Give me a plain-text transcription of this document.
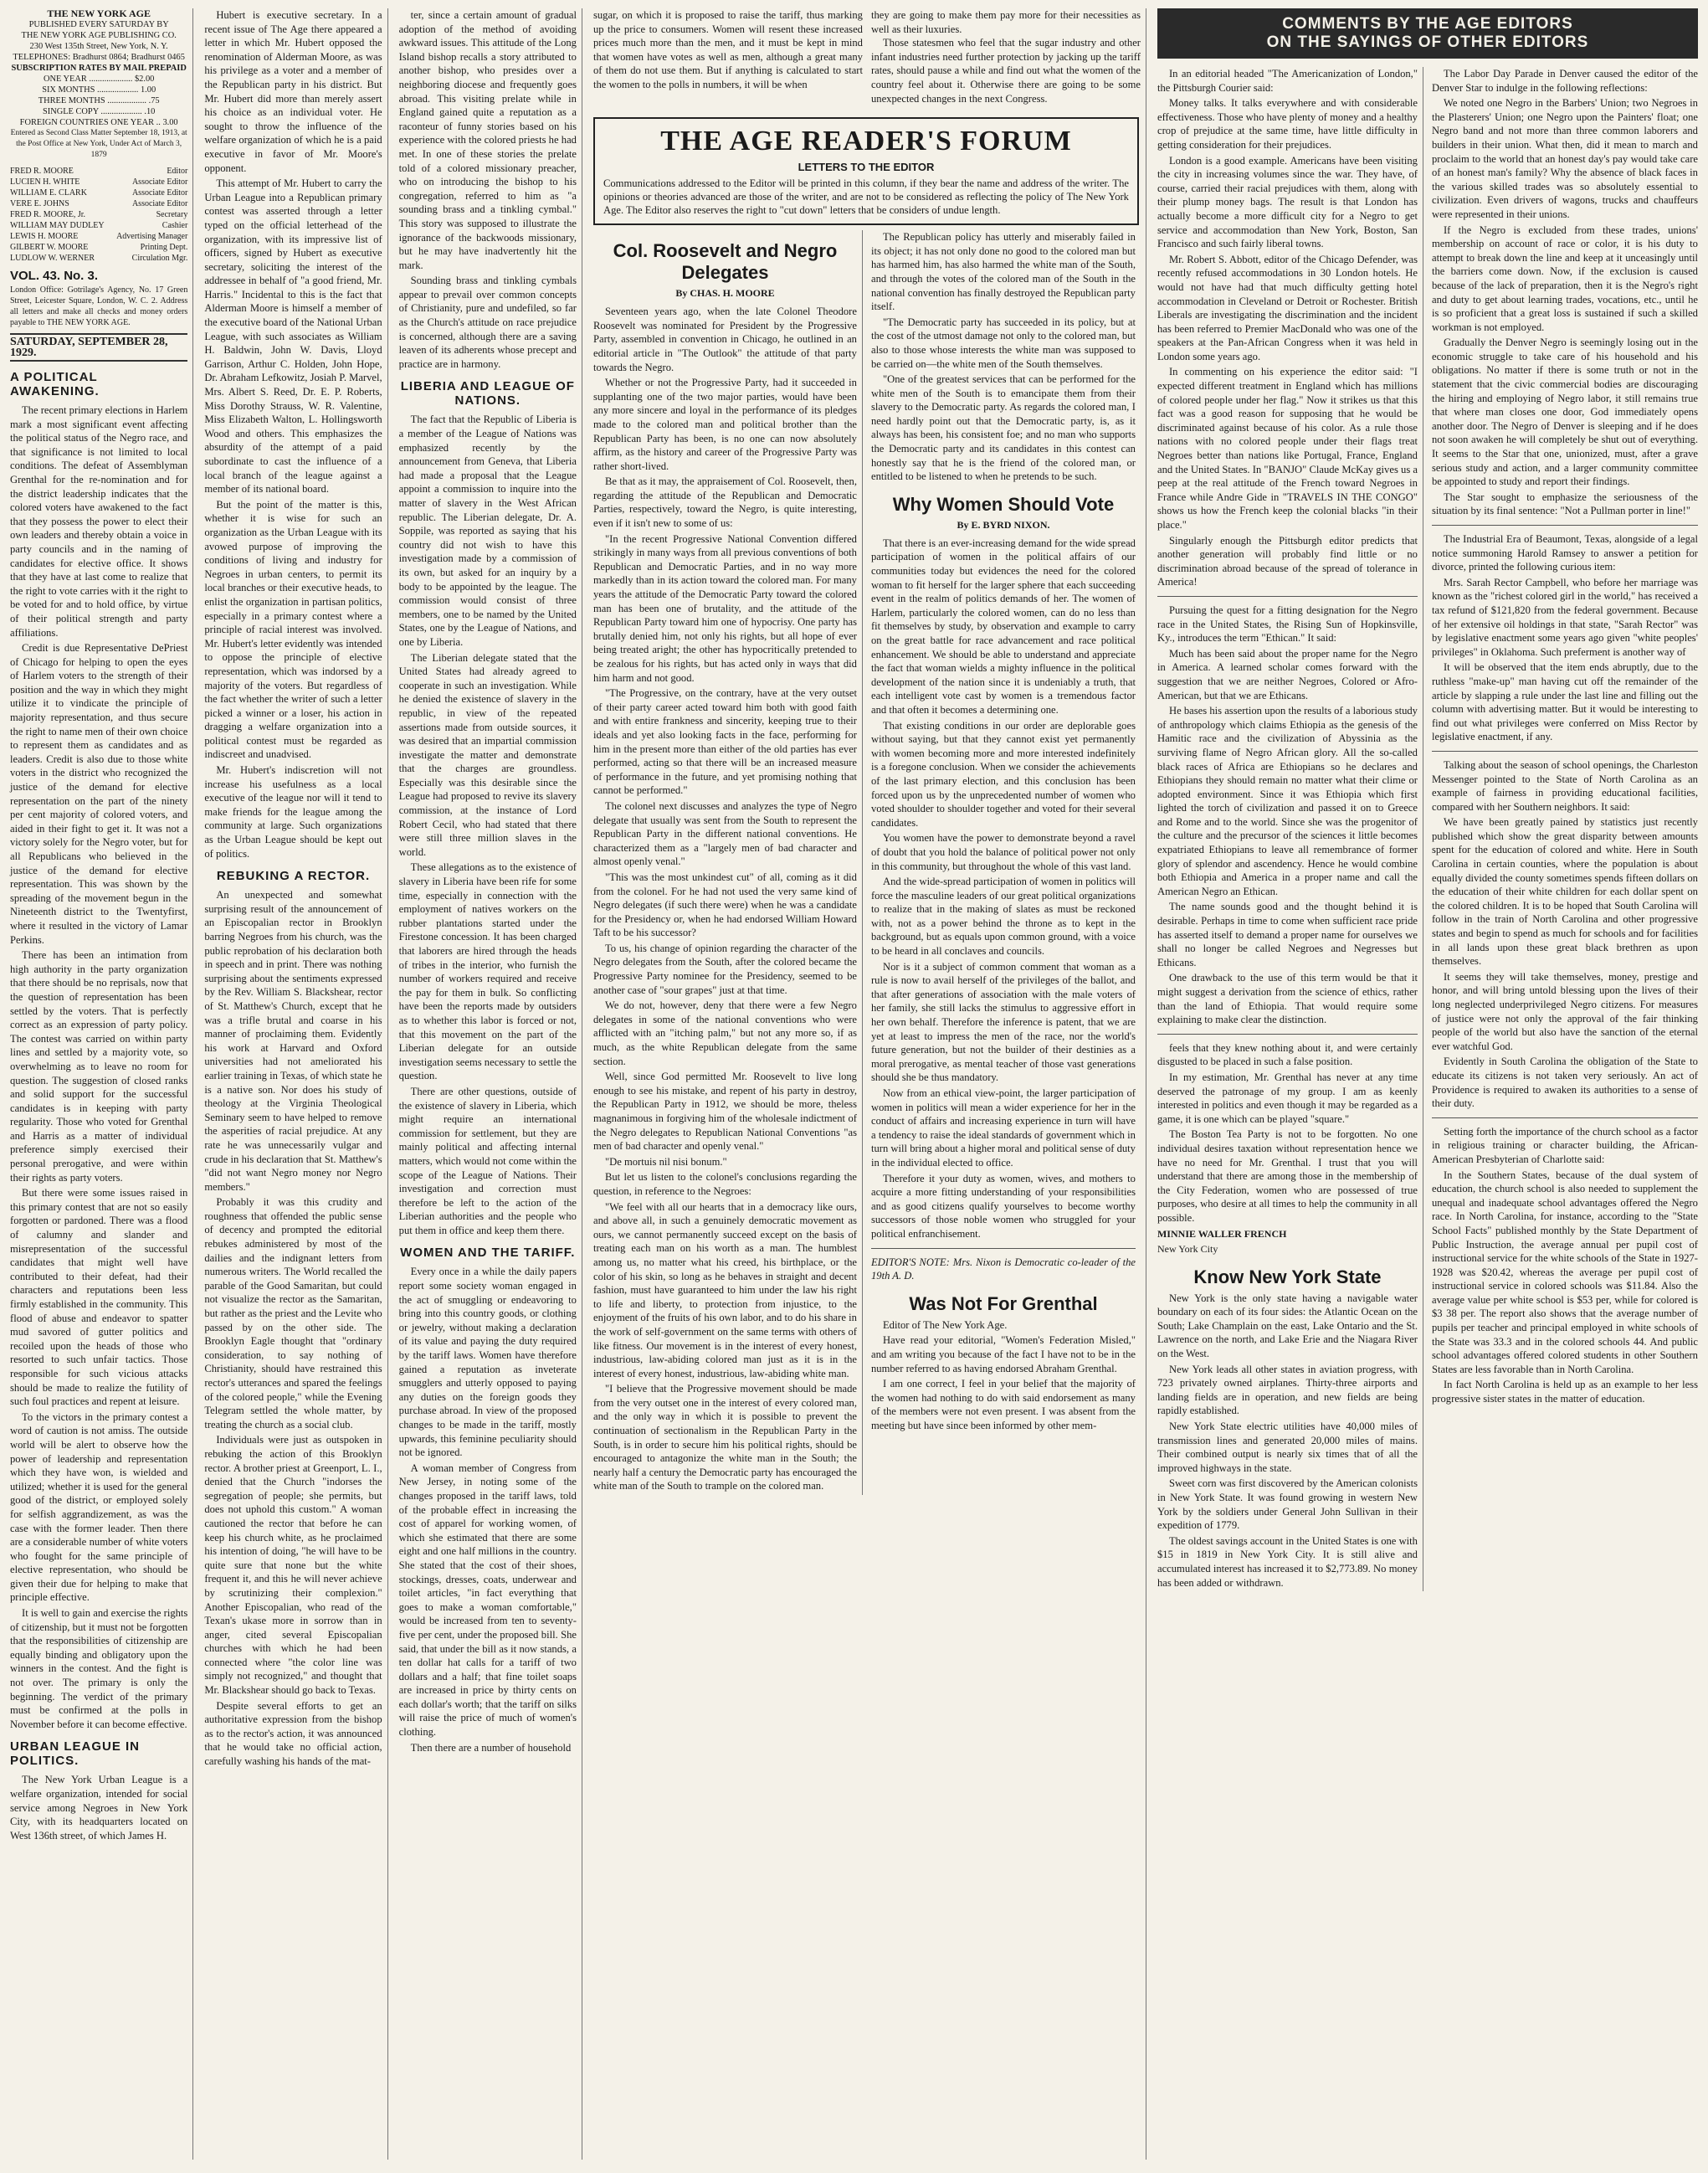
THE NEW YORK AGE
PUBLISHED EVERY SATURDAY BY
THE NEW YORK AGE PUBLISHING CO.
230 West 135th Street, New York, N. Y.
TELEPHONES: Bradhurst 0864; Bradhurst 0465
SUBSCRIPTION RATES BY MAIL PREPAID
ONE YEAR .................... $2.00
SIX MONTHS ................... 1.00
THREE MONTHS .................. .75
SINGLE COPY ................... .10
FOREIGN COUNTRIES ONE YEAR .. 3.00
Entered as Second Class Matter September 18, 1913, at the Post Office at New York, Under Act of March 3, 1879
FRED R. MOORE	Editor
LUCIEN H. WHITE	Associate Editor
WILLIAM E. CLARK	Associate Editor
VERE E. JOHNS	Associate Editor
FRED R. MOORE, Jr.	Secretary
WILLIAM MAY DUDLEY	Cashier
LEWIS H. MOORE	Advertising Manager
GILBERT W. MOORE	Printing Dept.
LUDLOW W. WERNER	Circulation Mgr.
VOL. 43. No. 3.
London Office: Gotrilage's Agency, No. 17 Green Street, Leicester Square, London, W. C. 2. Address all letters and make all checks and money orders payable to THE NEW YORK AGE.
SATURDAY, SEPTEMBER 28, 1929.
A POLITICAL AWAKENING.

The recent primary elections in Harlem mark a most significant event affecting the political status of the Negro race, and that significance is not limited to local conditions. The defeat of Assemblyman Grenthal for the re-nomination and for the district leadership indicates that the colored voters have awakened to the fact that they possess the power to elect their own leaders and thereby obtain a voice in party councils and in the naming of candidates for elective office. It shows that they have at last come to realize that the right to vote carries with it the right to be voted for and to hold office, by virtue of their political strength and party affiliations.

Credit is due Representative DePriest of Chicago for helping to open the eyes of Harlem voters to the strength of their position and the way in which they might utilize it to vindicate the principle of majority representation, and thus secure the right to name men of their own choice to represent them as candidates and as leaders. Credit is also due to those white voters in the district who recognized the justice of the demand for elective representation on the part of the ninety per cent majority of colored voters, and aided in their fight to get it. It was not a victory solely for the Negro voter, but for all Republicans who believed in the justice of the demand for elective representation. This was shown by the spreading of the movement begun in the Nineteenth district to the Twentyfirst, where it resulted in the victory of Lamar Perkins.

There has been an intimation from high authority in the party organization that there should be no reprisals, now that the question of representation has been settled by the voters. That is perfectly correct as an expression of party policy. The contest was carried on within party lines and settled by a majority vote, so overwhelming as to leave no room for question. The suggestion of closed ranks and solid support for the successful candidates is in keeping with party regularity. Those who voted for Grenthal and Harris as a matter of individual preference simply exercised their personal prerogative, and were within their rights as party voters.

But there were some issues raised in this primary contest that are not so easily forgotten or pardoned. There was a flood of calumny and slander and misrepresentation of the successful candidates that might well have contributed to their defeat, had their characters and reputations been less firmly established in the community. This flood of abuse and endeavor to spatter mud savored of gutter politics and recoiled upon the heads of those who resorted to such unfair tactics. Those responsible for such vicious attacks should be made to realize the futility of such foul practices and repent at leisure.

To the victors in the primary contest a word of caution is not amiss. The outside world will be alert to observe how the power of leadership and representation which they have won, is wielded and utilized; whether it is used for the general good of the district, or employed solely for selfish aggrandizement, as was the case with the former leader. Then there are a considerable number of white voters who fought for the same principle of elective representation, who should be given their due for helping to make that principle effective.

It is well to gain and exercise the rights of citizenship, but it must not be forgotten that the responsibilities of citizenship are equally binding and obligatory upon the winners in the contest. And the fight is not over. The primary is only the beginning. The verdict of the primary must be confirmed at the polls in November before it can become effective.

URBAN LEAGUE IN POLITICS.

The New York Urban League is a welfare organization, intended for social service among Negroes in New York City, with its headquarters located on West 136th street, of which James H.

Hubert is executive secretary. In a recent issue of The Age there appeared a letter in which Mr. Hubert opposed the renomination of Alderman Moore, as was his privilege as a voter and a member of the Republican party in his district. But Mr. Hubert did more than merely assert his choice as an individual voter. He sought to throw the influence of the welfare organization of which he is a paid executive in favor of Mr. Moore's opponent.

This attempt of Mr. Hubert to carry the Urban League into a Republican primary contest was asserted through a letter typed on the official letterhead of the organization, with its impressive list of officers, signed by Hubert as executive secretary, soliciting the interest of the addressee in behalf of "a good friend, Mr. Harris." Incidental to this is the fact that Alderman Moore is himself a member of the executive board of the National Urban League, with such associates as William H. Baldwin, John W. Davis, Lloyd Garrison, Arthur C. Holden, John Hope, Dr. Abraham Lefkowitz, Josiah P. Marvel, Mrs. Albert S. Reed, Dr. E. P. Roberts, Miss Dorothy Strauss, W. R. Valentine, Miss Elizabeth Walton, L. Hollingsworth Wood and others. This emphasizes the absurdity of the attempt of a paid subordinate to cast the influence of a local branch of the league against a member of its national board.

But the point of the matter is this, whether it is wise for such an organization as the Urban League with its avowed purpose of improving the conditions of living and industry for Negroes in urban centers, to permit its local branches or their executive heads, to enlist the organization in partisan politics, especially in a primary contest where a principle of racial interest was involved. Mr. Hubert's letter evidently was intended to oppose the principle of elective representation, which was indorsed by a majority of the voters. But regardless of the fact whether the writer of such a letter picked a winner or a loser, his action in dragging a welfare organization into a political contest must be regarded as indiscreet and unadvised.

Mr. Hubert's indiscretion will not increase his usefulness as a local executive of the league nor will it tend to make friends for the league among the community at large. Such organizations as the Urban League should be kept out of politics.

REBUKING A RECTOR.

An unexpected and somewhat surprising result of the announcement of an Episcopalian rector in Brooklyn barring Negroes from his church, was the public reprobation of his declaration both in speech and in print. There was nothing surprising about the sentiments expressed by the Rev. William S. Blackshear, rector of St. Matthew's Church, except that he was a trifle brutal and coarse in his manner of proclaiming them. Evidently his work at Harvard and Oxford universities had not ameliorated his earlier training in Texas, of which state he is a native son. Nor does his study of theology at the Virginia Theological Seminary seem to have helped to remove the asperities of racial prejudice. At any rate he was unnecessarily vulgar and crude in his declaration that St. Matthew's "did not want Negro money nor Negro members."

Probably it was this crudity and roughness that offended the public sense of decency and prompted the editorial rebukes administered by most of the dailies and the indignant letters from numerous writers. The World recalled the parable of the Good Samaritan, but could not visualize the rector as the Samaritan, but rather as the priest and the Levite who passed by on the other side. The Brooklyn Eagle thought that "ordinary consideration, to say nothing of Christianity, should have restrained this rector's utterances and spared the feelings of the colored people," while the Evening Telegram settled the whole matter, by treating the church as a social club.

Individuals were just as outspoken in rebuking the action of this Brooklyn rector. A brother priest at Greenport, L. I., denied that the Church "indorses the segregation of people; she permits, but does not uphold this custom." A woman cautioned the rector that before he can keep his church white, as he proclaimed his intention of doing, "he will have to be quite sure that none but the white frequent it, and this he will never achieve by scrutinizing their complexion." Another Episcopalian, who read of the Texan's ukase more in sorrow than in anger, cited several Episcopalian churches with which he had been connected where "the color line was simply not recognized," and thought that Mr. Blackshear should go back to Texas.

Despite several efforts to get an authoritative expression from the bishop as to the rector's action, it was announced that he would take no official action, carefully washing his hands of the mat-

ter, since a certain amount of gradual adoption of the method of avoiding awkward issues. This attitude of the Long Island bishop recalls a story attributed to another bishop, who presides over a neighboring diocese and frequently goes abroad. This visiting prelate while in England gained quite a reputation as a raconteur of funny stories based on his experience with the colored priests he had met. In one of these stories the prelate told of a colored missionary preacher, who on introducing the bishop to his congregation, referred to him as "a sounding brass and a tinkling cymbal." This story was supposed to illustrate the ignorance of the backwoods missionary, but he may have inadvertently hit the mark.

Sounding brass and tinkling cymbals appear to prevail over common concepts of Christianity, pure and undefiled, so far as the Church's attitude on race prejudice is concerned, although there are a saving leaven of its adherents whose precept and practice are in harmony.

LIBERIA AND LEAGUE OF NATIONS.

The fact that the Republic of Liberia is a member of the League of Nations was emphasized recently by the announcement from Geneva, that Liberia had made a proposal that the League appoint a commission to inquire into the matter of slavery in the West African republic. The Liberian delegate, Dr. A. Soppile, was reported as saying that his country did not wish to have this investigation made by a commission of its own, but asked for an inquiry by a body to be appointed by the league. The commission would consist of three members, one to be named by the United States, one by the League of Nations, and one by Liberia.

The Liberian delegate stated that the United States had already agreed to cooperate in such an investigation. While he denied the existence of slavery in the republic, in view of the repeated assertions made from outside sources, it was desired that an impartial commission investigate the matter and demonstrate that the charges are groundless. Especially was this desirable since the League had proposed to revive its slavery commission, at the instance of Lord Robert Cecil, who had stated that there were still three million slaves in the world.

These allegations as to the existence of slavery in Liberia have been rife for some time, especially in connection with the employment of natives workers on the rubber plantations started under the Firestone concession. It has been charged that laborers are hired through the heads of tribes in the interior, who furnish the number of workers required and receive the pay for them in bulk. So conflicting have been the reports made by outsiders as to whether this labor is forced or not, that this movement on the part of the Liberian delegate for an outside investigation seems necessary to settle the question.

There are other questions, outside of the existence of slavery in Liberia, which might require an international commission for settlement, but they are mainly political and affecting internal matters, which would not come within the scope of the League of Nations. Their investigation and correction must therefore be left to the action of the Liberian authorities and the people who put them in office and keep them there.

WOMEN AND THE TARIFF.

Every once in a while the daily papers report some society woman engaged in the act of smuggling or endeavoring to bring into this country goods, or clothing or jewelry, without making a declaration of its value and paying the duty required by the tariff laws. Women have therefore gained a reputation as inveterate smugglers and utterly opposed to paying any duties on the foreign goods they purchase abroad. In view of the proposed changes to be made in the tariff, mostly upwards, this feminine peculiarity should not be ignored.

A woman member of Congress from New Jersey, in noting some of the changes proposed in the tariff laws, told of the probable effect in increasing the cost of apparel for working women, of which she estimated that there are some eight and one half millions in the country. She stated that the cost of their shoes, stockings, dresses, coats, underwear and toilet articles, "in fact everything that goes to make a woman comfortable," would be increased from ten to seventy-five per cent, under the proposed bill. She said, that under the bill as it now stands, a ten dollar hat calls for a tariff of two dollars and a half; that fine toilet soaps are increased in price by thirty cents on each dollar's worth; that the tariff on silks will raise the price of much of women's clothing.

Then there are a number of household

sugar, on which it is proposed to raise the tariff, thus marking up the price to consumers. Women will resent these increased prices much more than the men, and it must be kept in mind that women have votes as well as men, although a great many of them do not use them. But if anything is calculated to start the women to the polls in numbers, it will be when

they are going to make them pay more for their necessities as well as their luxuries.

Those statesmen who feel that the sugar industry and other infant industries need further protection by jacking up the tariff rates, should pause a while and find out what the women of the country feel about it. Otherwise there are going to be some unexpected changes in the next Congress.

THE AGE READER'S FORUM
LETTERS TO THE EDITOR

Communications addressed to the Editor will be printed in this column, if they bear the name and address of the writer. The opinions or theories advanced are those of the writer, and are not to be considered as reflecting the policy of The New York Age. The Editor also reserves the right to "cut down" letters that be considers of undue length.

Col. Roosevelt and Negro Delegates
By CHAS. H. MOORE

Seventeen years ago, when the late Colonel Theodore Roosevelt was nominated for President by the Progressive Party, assembled in convention in Chicago, he outlined in an editorial article in "The Outlook" the attitude of that party towards the Negro.

Whether or not the Progressive Party, had it succeeded in supplanting one of the two major parties, would have been any more sincere and loyal in the performance of its pledges made to the colored man and political brother than the Republican Party has been, is no one can now absolutely affirm, as the history and career of the Progressive Party was rather short-lived.

Be that as it may, the appraisement of Col. Roosevelt, then, regarding the attitude of the Republican and Democratic Parties, respectively, toward the Negro, is quite interesting, even if it isn't new to some of us:

"In the recent Progressive National Convention differed strikingly in many ways from all previous conventions of both Republican and Democratic Parties, and in no way more markedly than in its action toward the colored man. For many years the attitude of the Democratic Party toward the colored man has been one of brutality, and the attitude of the Republican Party toward him one of hypocrisy. One party has brutally denied him, not only his rights, but all hope of ever being treated aright; the other has hypocritically pretended to be zealous for his rights, but has acted only in ways that did him harm and not good.

"The Progressive, on the contrary, have at the very outset of their party career acted toward him both with good faith and with entire frankness and sincerity, keeping true to their ideals and yet also looking facts in the face, performing for him in the present more than either of the old parties has ever performed, acting so that there will be an increased measure of performance in the future, and yet promising nothing that cannot be performed."

The colonel next discusses and analyzes the type of Negro delegate that usually was sent from the South to represent the Republican Party in the different national conventions. He characterized them as a "largely men of bad character and almost openly venal."

"This was the most unkindest cut" of all, coming as it did from the colonel. For he had not used the very same kind of Negro delegates (if such there were) when he was a candidate for the Presidency or, when he had endorsed William Howard Taft to be his successor?

To us, his change of opinion regarding the character of the Negro delegates from the South, after the colored became the Progressive Party nominee for the Presidency, seemed to be another case of "sour grapes" just at that time.

We do not, however, deny that there were a few Negro delegates in some of the national conventions who were afflicted with an "itching palm," but not any more so, if as much, as the white Republican delegate from the same section.

Well, since God permitted Mr. Roosevelt to live long enough to see his mistake, and repent of his party in destroy, the Republican Party in 1912, we should be more, theless magnanimous in forgiving him of the wholesale indictment of the Negro delegates to Republican National Conventions "as men of bad character and openly venal."

"De mortuis nil nisi bonum."

But let us listen to the colonel's conclusions regarding the question, in reference to the Negroes:

"We feel with all our hearts that in a democracy like ours, and above all, in such a genuinely democratic movement as ours, we cannot permanently succeed except on the basis of treating each man on his worth as a man. The humblest among us, no matter what his creed, his birthplace, or the color of his skin, so long as he behaves in straight and decent fashion, must have guaranteed to him under the law his right to life and liberty, to protection from injustice, to the enjoyment of the fruits of his own labor, and to do his share in the work of self-government on the same terms with others of like fitness. Our movement is in the interest of every honest, industrious, law-abiding colored man just as it is in the interest of every honest, industrious, law-abiding white man.

"I believe that the Progressive movement should be made from the very outset one in the interest of every colored man, and the only way in which it is possible to prevent the continuation of sectionalism in the Republican Party in the South, is in order to secure him his political rights, should be encouraged to antagonize the white man in the South; the nearly half a century the Democratic party has encouraged the white man of the South to trample on the colored man.

The Republican policy has utterly and miserably failed in its object; it has not only done no good to the colored man but has harmed him, has also harmed the white man of the South, and through the votes of the colored man of the South in the national convention has finally destroyed the Republican party itself.

"The Democratic party has succeeded in its policy, but at the cost of the utmost damage not only to the colored man, but also to those whose interests the white man was supposed to be carried on—the white men of the South themselves.

"One of the greatest services that can be performed for the white men of the South is to emancipate them from their slavery to the Democratic party. As regards the colored man, I need hardly point out that the Democratic party, is, as it always has been, his consistent foe; and no man who supports the Democratic party and its candidates in this contest can honestly say that he is the friend of the colored man, or entitled to be listened to when he pretends to be such.

Why Women Should Vote
By E. BYRD NIXON.

That there is an ever-increasing demand for the wide spread participation of women in the political affairs of our communities today but evidences the need for the colored woman to fit herself for the larger sphere that each succeeding event in the realm of politics demands of her. The women of Harlem, particularly the colored women, can do no less than fit themselves by study, by observation and example to carry on the great battle for race advancement and race political enhancement. We should be able to understand and appreciate the fact that woman wields a mighty influence in the political development of the nation since it is undeniably a truth, that each intelligent vote cast by women is a tremendous factor and that often it becomes a determining one.

That existing conditions in our order are deplorable goes without saying, but that they cannot exist yet permanently with women becoming more and more interested indefinitely is a foregone conclusion. When we consider the achievements of the last primary election, and this conclusion has been forced upon us by the unprecedented number of women who voted shoulder to shoulder together and voted for their several candidates.

You women have the power to demonstrate beyond a ravel of doubt that you hold the balance of political power not only in this community, but throughout the whole of this vast land.

And the wide-spread participation of women in politics will force the masculine leaders of our great political organizations to realize that in the making of slates as must be reckoned with, not as a power behind the throne as to kept in the background, but as equals upon common ground, with a voice to be heard in all conclaves and councils.

Nor is it a subject of common comment that woman as a rule is now to avail herself of the privileges of the ballot, and that after generations of association with the male voters of her family, she still lacks the stimulus to aggressive effort in her own behalf. Therefore the inference is patent, that we are yet at least to impress the men of the race, nor the world's future generation, but not the builder of their destinies as a moral prerogative, as mental teacher of those vast generations should she be thus mandatory.

Now from an ethical view-point, the larger participation of women in politics will mean a wider experience for her in the conduct of affairs and increasing experience in turn will have a tendency to raise the ideal standards of government which in turn will bring about a higher moral and political sense of duty in the individual elected to office.

Therefore it your duty as women, wives, and mothers to acquire a more fitting understanding of your responsibilities and as good citizens qualify yourselves to become worthy successors of those noble women who struggled for your political enfranchisement.

EDITOR'S NOTE: Mrs. Nixon is Democratic co-leader of the 19th A. D.

Was Not For Grenthal

Editor of The New York Age.

Have read your editorial, "Women's Federation Misled," and am writing you because of the fact I have not to be in the number referred to as having endorsed Abraham Grenthal.

I am one correct, I feel in your belief that the majority of the women had nothing to do with said endorsement as many of the members were not even present. I was absent from the meeting but have since been informed by other mem-

COMMENTS BY THE AGE EDITORS
ON THE SAYINGS OF OTHER EDITORS

In an editorial headed "The Americanization of London," the Pittsburgh Courier said:

Money talks. It talks everywhere and with considerable effectiveness. Those who have plenty of money and a healthy crop of prejudice at the same time, have little difficulty in getting consideration for their prejudices.

London is a good example. Americans have been visiting the city in increasing volumes since the war. They have, of course, carried their racial prejudices with them, along with their plump money bags. The result is that London has actually become a more difficult city for a Negro to get service and accommodation than New York, Boston, San Francisco and such fairly liberal towns.

Mr. Robert S. Abbott, editor of the Chicago Defender, was recently refused accommodations in 30 London hotels. He would not have had that much difficulty getting hotel accommodation in Cleveland or Detroit or Rochester. British Liberals are investigating the discrimination and the incident has been referred to Premier MacDonald who was one of the speakers at the Pan-African Congress when it was held in London some years ago.

In commenting on his experience the editor said: "I expected different treatment in England which has millions of colored people under her flag." Now it strikes us that this fact was a good reason for supposing that he would be discriminated against because of his color. As a rule those nations with no colored people under their flags treat Negroes better than nations like Portugal, France, England and the United States. In "BANJO" Claude McKay gives us a peep at the real attitude of the French toward Negroes in France while Andre Gide in "TRAVELS IN THE CONGO" shows us how the French keep the colonial blacks "in their place."

Singularly enough the Pittsburgh editor predicts that another generation will probably find little or no discrimination abroad because of the spread of tolerance in America!

Pursuing the quest for a fitting designation for the Negro race in the United States, the Rising Sun of Hopkinsville, Ky., introduces the term "Ethican." It said:

Much has been said about the proper name for the Negro in America. A learned scholar comes forward with the suggestion that we are neither Negroes, Colored or Afro-American, but that we are Ethicans.

He bases his assertion upon the results of a laborious study of anthropology which claims Ethiopia as the genesis of the Hamitic race and the civilization of Abyssinia as the surviving flame of Negro African glory. All the so-called black races of Africa are Ethiopians so he declares and Ethiopians they should remain no matter what their clime or adopted environment. Since it was Ethiopia which first lighted the torch of civilization and passed it on to Greece and Rome and to the world. Since she was the progenitor of the culture and the precursor of the sciences it little becomes expatriated Ethiopians to leave all remembrance of former glory of splendor and ascendency. Hence he would combine both Ethiopia and America in a proper name and call the American Negro an Ethican.

The name sounds good and the thought behind it is desirable. Perhaps in time to come when sufficient race pride has asserted itself to demand a proper name for ourselves we shall no longer be called Negroes and Negresses but Ethicans.

One drawback to the use of this term would be that it might suggest a derivation from the science of ethics, rather than the land of Ethiopia. That would require some explaining to make clear the distinction.

feels that they knew nothing about it, and were certainly disgusted to be placed in such a false position.

In my estimation, Mr. Grenthal has never at any time deserved the patronage of my group. I am as keenly interested in politics and even though it may be regarded as a game, it is one which can be played "square."

The Boston Tea Party is not to be forgotten. No one individual desires taxation without representation hence we have no need for Mr. Grenthal. I trust that you will understand that there are among those in the membership of the City Federation, women who are possessed of true purposes, who desire at all times to help the community in all possible.

MINNIE WALLER FRENCH

New York City

Know New York State

New York is the only state having a navigable water boundary on each of its four sides: the Atlantic Ocean on the South; Lake Champlain on the east, Lake Ontario and the St. Lawrence on the north, and Lake Erie and the Niagara River on the West.

New York leads all other states in aviation progress, with 723 privately owned airplanes. Thirty-three airports and landing fields are in operation, and new fields are being rapidly established.

New York State electric utilities have 40,000 miles of transmission lines and generated 20,000 miles of mains. Their combined output is nearly six times that of all the improved highways in the state.

Sweet corn was first discovered by the American colonists in New York State. It was found growing in western New York by the soldiers under General John Sullivan in their expedition of 1779.

The oldest savings account in the United States is one with $15 in 1819 in New York City. It is still alive and accumulated interest has increased it to $2,773.89. No money has been added or withdrawn.

The Labor Day Parade in Denver caused the editor of the Denver Star to indulge in the following reflections:

We noted one Negro in the Barbers' Union; two Negroes in the Plasterers' Union; one Negro upon the Painters' float; one Negro band and not more than three common laborers and builders in their union. What then, did it mean to march and proclaim to the world that an honest day's pay would take care of an honest man's family? Why the absence of black faces in the various skilled trades was so absolutely essential to civilization. Even drivers of wagons, trucks and chauffeurs were represented in their unions.

If the Negro is excluded from these trades, unions' membership on account of race or color, it is his duty to attempt to break down the line and keep at it unceasingly until the barriers come down. Now, if the exclusion is caused because of the lack of preparation, then it is the Negro's right and duty to get about learning trades, vocations, etc., until he is so proficient that a great loss is sustained if such a skilled workman is not employed.

Gradually the Denver Negro is seemingly losing out in the economic struggle to take care of his household and his obligations. No matter if there is some truth or not in the statement that the civic commercial bodies are discouraging the hiring and employing of Negro labor, it still remains true that where man closes one door, God immediately opens another door. The Negro of Denver is sleeping and if he does not soon awaken he will completely be shut out of everything. It seems to the Star that one, unionized, must, after a grave serious study and action, and a larger community committee be appointed to study and report their findings.

The Star sought to emphasize the seriousness of the situation by its final sentence: "Not a Pullman porter in line!"

The Industrial Era of Beaumont, Texas, alongside of a legal notice summoning Harold Ramsey to answer a petition for divorce, printed the following curious item:

Mrs. Sarah Rector Campbell, who before her marriage was known as the "richest colored girl in the world," has received a tax refund of $121,820 from the federal government. Because of her extensive oil holdings in that state, "Sarah Rector" was by legislative enactment some years ago given "white peoples' privileges" in Oklahoma. Such preferment is another way of

It will be observed that the item ends abruptly, due to the ruthless "make-up" man having cut off the remainder of the article by slapping a rule under the last line and filling out the column with advertising matter. But it would be interesting to find out what privileges were conferred on Miss Rector by legislative enactment, if any.

Talking about the season of school openings, the Charleston Messenger pointed to the State of North Carolina as an example of fairness in providing educational facilities, compared with her Southern neighbors. It said:

We have been greatly pained by statistics just recently published which show the great disparity between amounts spent for the education of colored and white. Here in South Carolina in certain counties, where the population is about equally divided the county sometimes spends fifteen dollars on the education of their white children for each dollar spent on the colored children. It is to be hoped that South Carolina will follow in the train of North Carolina and other progressive states and begin to spend as much for schools and for facilities in all lands upon these great black brethren as upon themselves.

It seems they will take themselves, money, prestige and honor, and will bring untold blessing upon the lives of their long neglected underprivileged Negro citizens. For measures of justice were not only the approval of the fair thinking people of the world but also have the sanction of the eternal ever watchful God.

Evidently in South Carolina the obligation of the State to educate its citizens is not taken very seriously. An act of Providence is required to awaken its authorities to a sense of their duty.

Setting forth the importance of the church school as a factor in religious training or character building, the African-American Presbyterian of Charlotte said:

In the Southern States, because of the dual system of education, the church school is also needed to supplement the unequal and inadequate school advantages offered the Negro race. In North Carolina, for instance, according to the "State School Facts" published monthly by the State Department of Public Instruction, the average annual per pupil cost of instructional service for the white schools of the State in 1927-1928 was $20.42, whereas the average per pupil cost of instructional service in colored schools was $11.84. Also the average value per white school is $53 per, while for colored is $3 38 per. The report also shows that the average number of pupils per teacher and principal employed in white schools of the State was 33.3 and in the colored schools 44. And public school advantages offered colored students in other Southern States are less favorable than in North Carolina.

In fact North Carolina is held up as an example to her less progressive sister states in the matter of education.
